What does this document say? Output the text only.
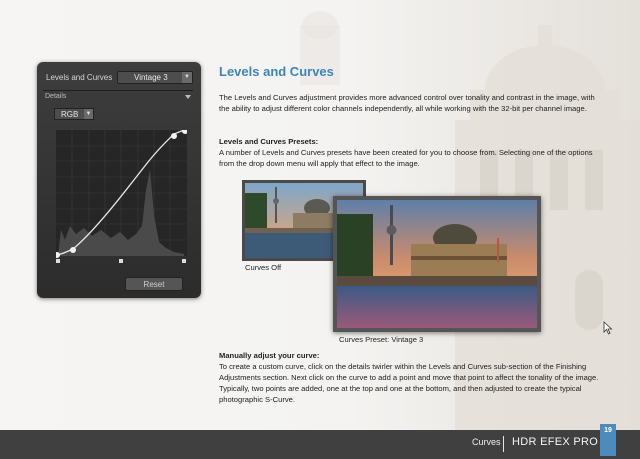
Levels and Curves	Vintage 3	▼
Details
RGB ▼
Reset
Levels and Curves
The Levels and Curves adjustment provides more advanced control over tonality and contrast in the image, with the ability to adjust different color channels independently, all while working with the 32-bit per channel image.
Levels and Curves Presets:
A number of Levels and Curves presets have been created for you to choose from. Selecting one of the options from the drop down menu will apply that effect to the image.
Curves Off
Curves Preset: Vintage 3
Manually adjust your curve:
To create a custom curve, click on the details twirler within the Levels and Curves sub-section of the Finishing Adjustments section. Next click on the curve to add a point and move that point to affect the tonality of the image. Typically, two points are added, one at the top and one at the bottom, and then adjusted to create the typical photographic S-Curve.
Curves HDR EFEX PRO
19
